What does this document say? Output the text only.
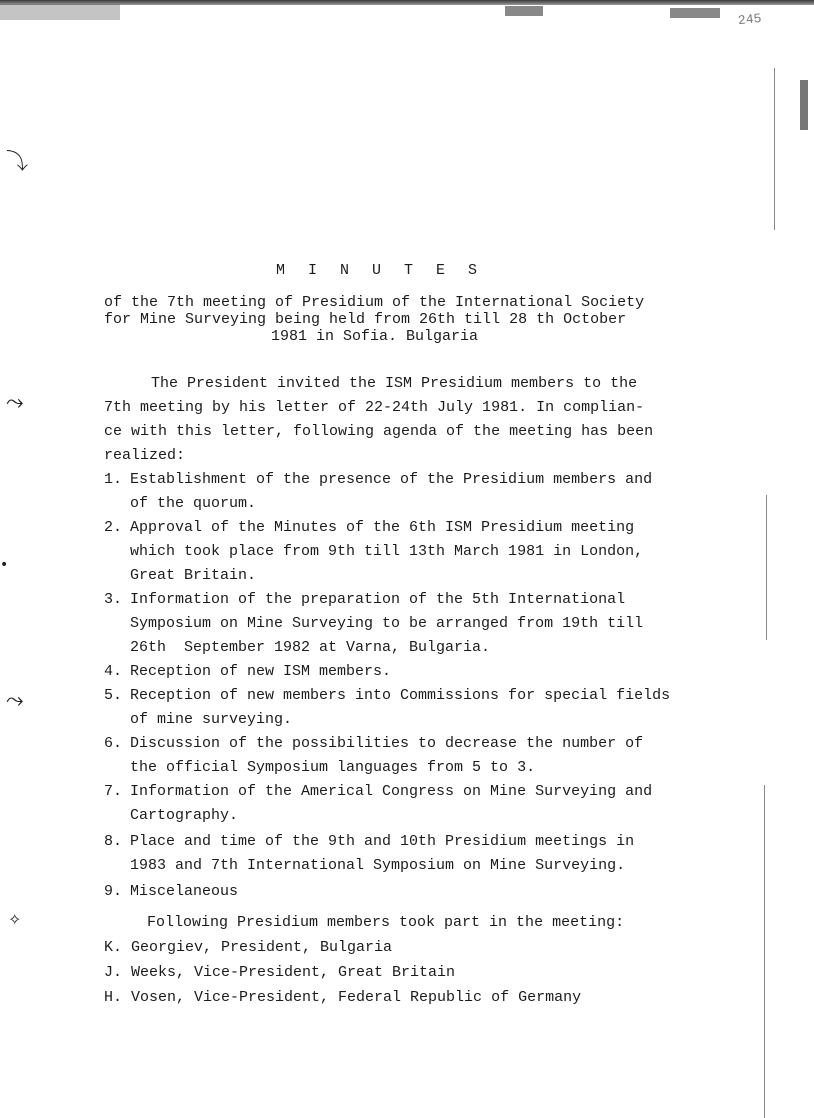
245
⤵
⤳
•
⤳
✧
M I N U T E S
of the 7th meeting of Presidium of the International Society
for Mine Surveying being held from 26th till 28 th October
1981 in Sofia. Bulgaria
The President invited the ISM Presidium members to the
7th meeting by his letter of 22-24th July 1981. In complian-
ce with this letter, following agenda of the meeting has been
realized:
1. Establishment of the presence of the Presidium members and
of the quorum.
2. Approval of the Minutes of the 6th ISM Presidium meeting
which took place from 9th till 13th March 1981 in London,
Great Britain.
3. Information of the preparation of the 5th International
Symposium on Mine Surveying to be arranged from 19th till
26th  September 1982 at Varna, Bulgaria.
4. Reception of new ISM members.
5. Reception of new members into Commissions for special fields
of mine surveying.
6. Discussion of the possibilities to decrease the number of
the official Symposium languages from 5 to 3.
7. Information of the Americal Congress on Mine Surveying and
Cartography.
8. Place and time of the 9th and 10th Presidium meetings in
1983 and 7th International Symposium on Mine Surveying.
9. Miscelaneous
Following Presidium members took part in the meeting:
K. Georgiev, President, Bulgaria
J. Weeks, Vice-President, Great Britain
H. Vosen, Vice-President, Federal Republic of Germany
